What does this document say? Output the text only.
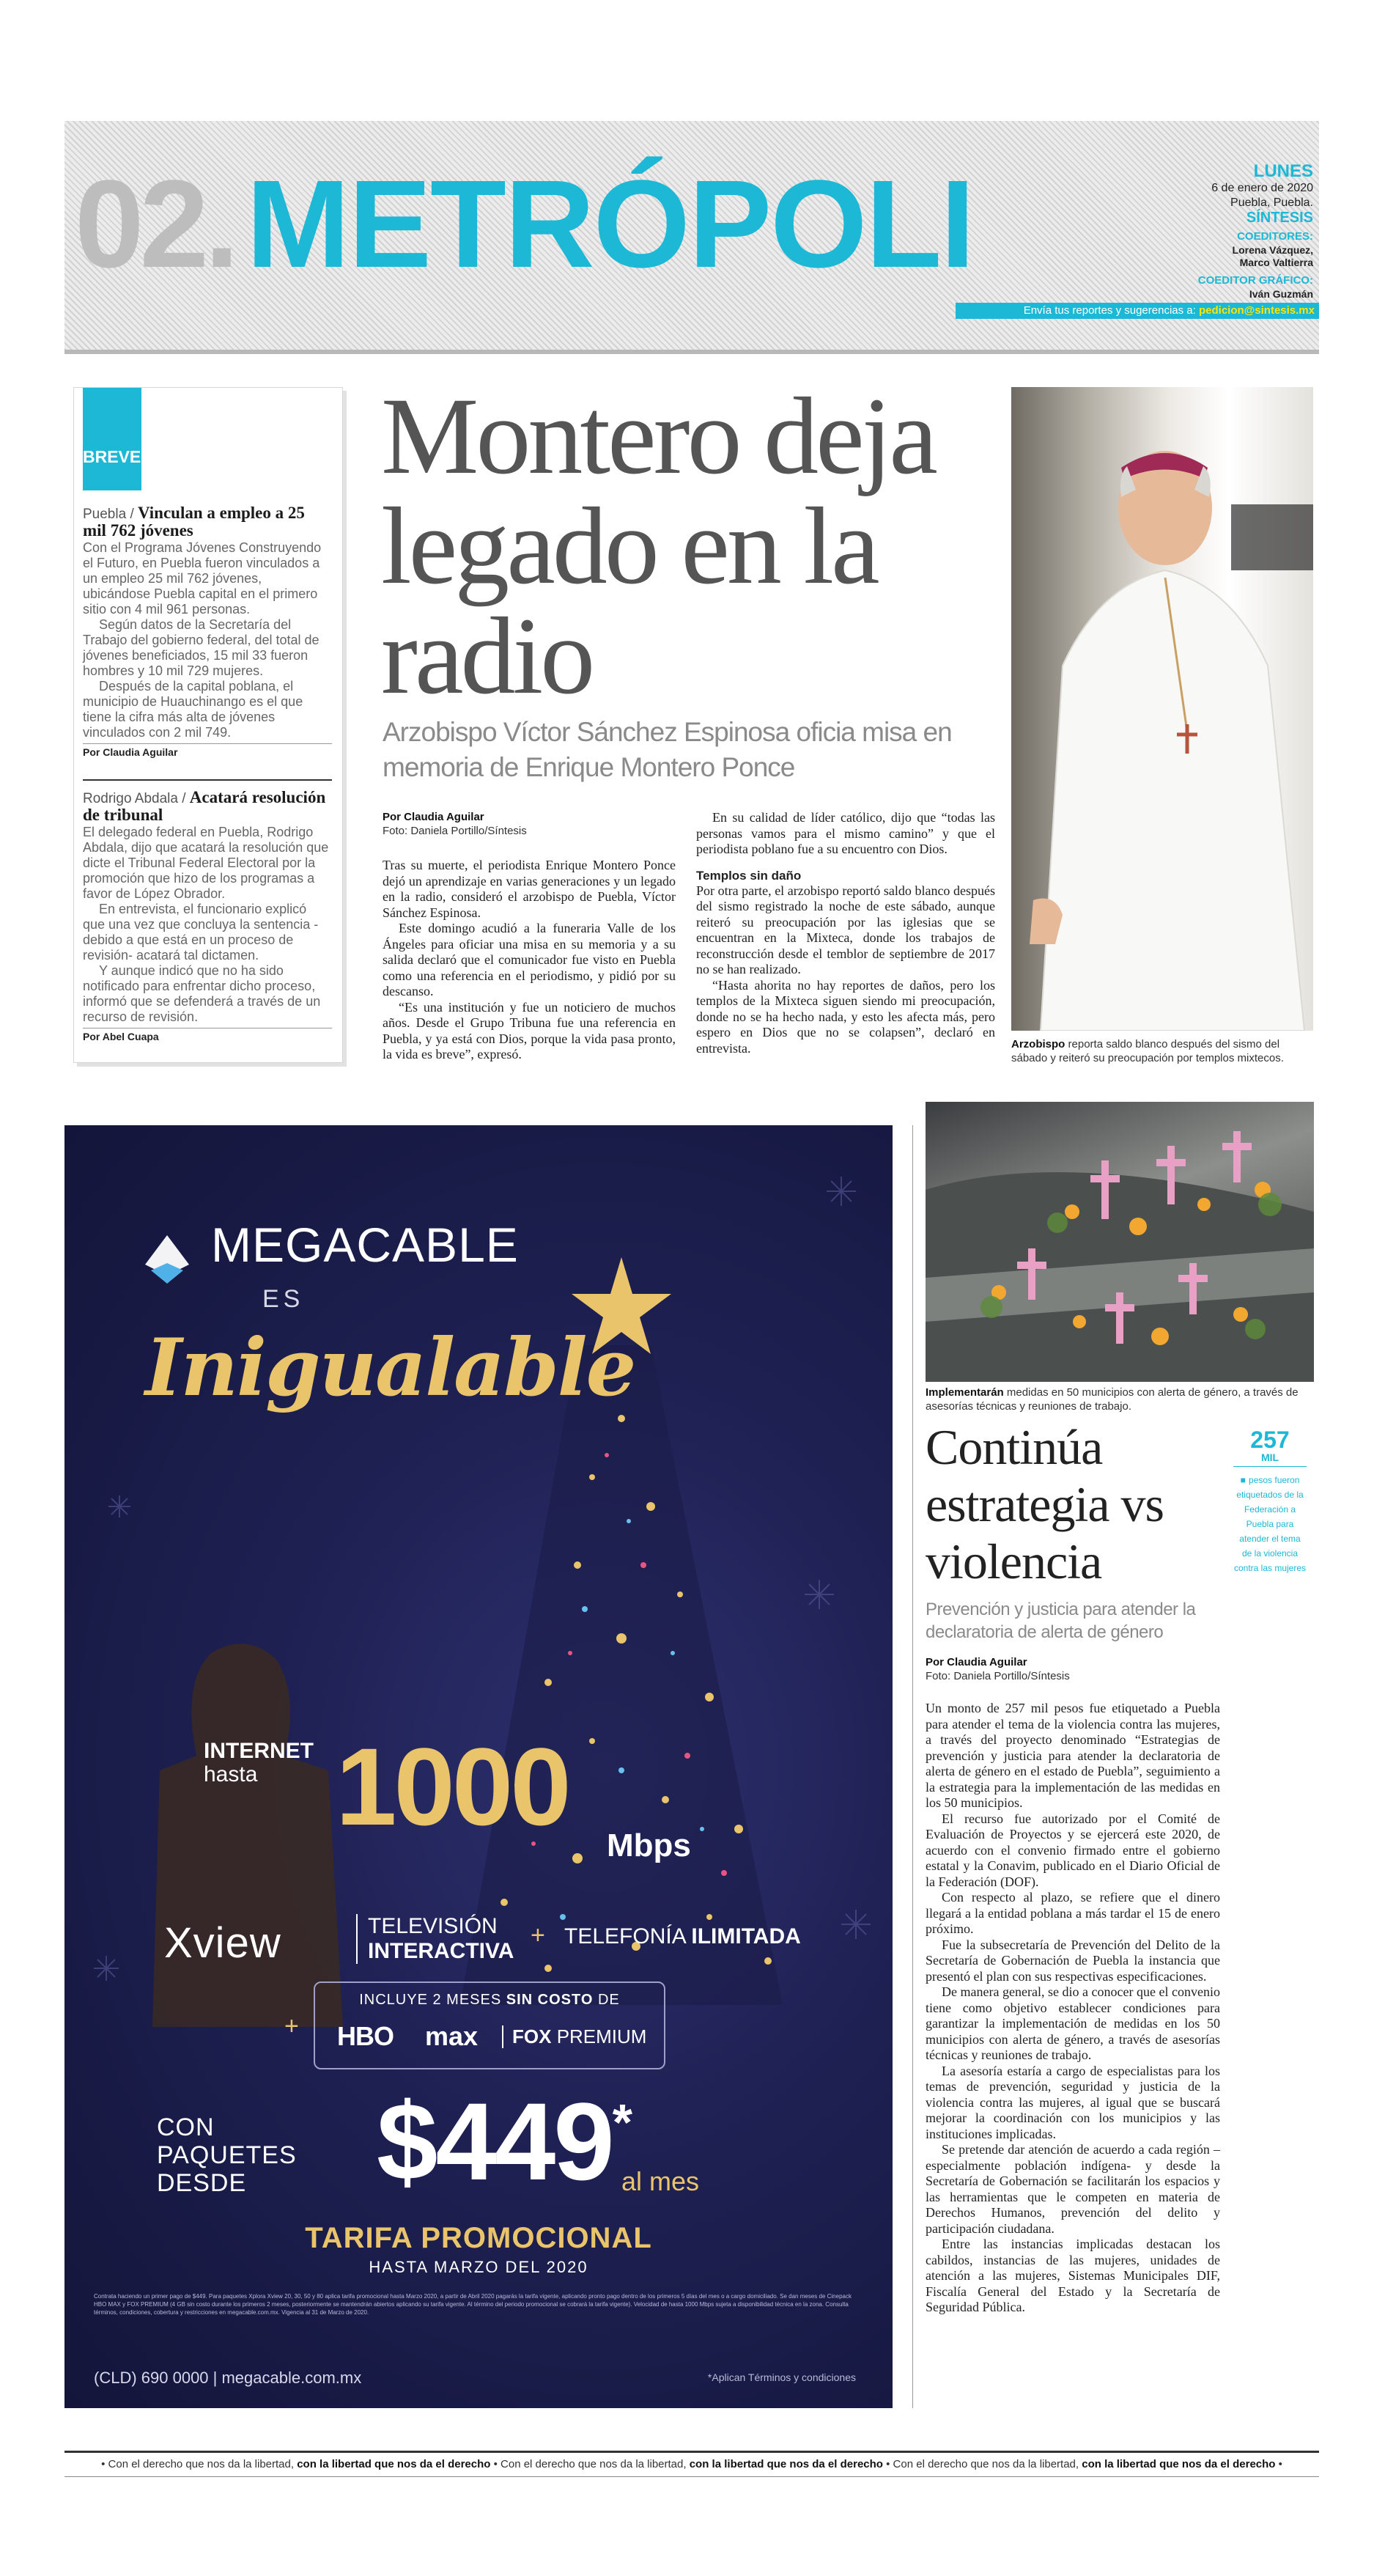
02. METRÓPOLI	LUNES
6 de enero de 2020
Puebla, Puebla.
SÍNTESIS
COEDITORES:
Lorena Vázquez,
Marco Valtierra
COEDITOR GRÁFICO:
Iván Guzmán
Envía tus reportes y sugerencias a: pedicion@sintesis.mx
BREVES
Puebla / Vinculan a empleo a 25 mil 762 jóvenes

Con el Programa Jóvenes Construyendo el Futuro, en Puebla fueron vinculados a un empleo 25 mil 762 jóvenes, ubicándose Puebla capital en el primero sitio con 4 mil 961 personas.

Según datos de la Secretaría del Trabajo del gobierno federal, del total de jóvenes beneficiados, 15 mil 33 fueron hombres y 10 mil 729 mujeres.

Después de la capital poblana, el municipio de Huauchinango es el que tiene la cifra más alta de jóvenes vinculados con 2 mil 749.

Por Claudia Aguilar
Rodrigo Abdala / Acatará resolución de tribunal

El delegado federal en Puebla, Rodrigo Abdala, dijo que acatará la resolución que dicte el Tribunal Federal Electoral por la promoción que hizo de los programas a favor de López Obrador.

En entrevista, el funcionario explicó que una vez que concluya la sentencia -debido a que está en un proceso de revisión- acatará tal dictamen.

Y aunque indicó que no ha sido notificado para enfrentar dicho proceso, informó que se defenderá a través de un recurso de revisión.

Por Abel Cuapa
Montero deja legado en la radio
Arzobispo Víctor Sánchez Espinosa oficia misa en memoria de Enrique Montero Ponce
Por Claudia Aguilar
Foto: Daniela Portillo/Síntesis

Tras su muerte, el periodista Enrique Montero Ponce dejó un aprendizaje en varias generaciones y un legado en la radio, consideró el arzobispo de Puebla, Víctor Sánchez Espinosa.

Este domingo acudió a la funeraria Valle de los Ángeles para oficiar una misa en su memoria y a su salida declaró que el comunicador fue visto en Puebla como una referencia en el periodismo, y pidió por su descanso.

“Es una institución y fue un noticiero de muchos años. Desde el Grupo Tribuna fue una referencia en Puebla, y ya está con Dios, porque la vida pasa pronto, la vida es breve”, expresó.

En su calidad de líder católico, dijo que “todas las personas vamos para el mismo camino” y que el periodista poblano fue a su encuentro con Dios.

Templos sin daño

Por otra parte, el arzobispo reportó saldo blanco después del sismo registrado la noche de este sábado, aunque reiteró su preocupación por las iglesias que se encuentran en la Mixteca, donde los trabajos de reconstrucción desde el temblor de septiembre de 2017 no se han realizado.

“Hasta ahorita no hay reportes de daños, pero los templos de la Mixteca siguen siendo mi preocupación, donde no se ha hecho nada, y esto les afecta más, pero espero en Dios que no se colapsen”, declaró en entrevista.	Arzobispo reporta saldo blanco después del sismo del sábado y reiteró su preocupación por templos mixtecos.
MEGACABLE
ES
Inigualable
INTERNET
hasta 1000 Mbps
Xview	TELEVISIÓN
INTERACTIVA
+ TELEFONÍA ILIMITADA
+
INCLUYE 2 MESES SIN COSTO DE
HBO max	FOX PREMIUM
CON
PAQUETES
DESDE	$449*
al mes
TARIFA PROMOCIONAL
HASTA MARZO DEL 2020
Contrata haciendo un primer pago de $449. Para paquetes Xplora Xview 20, 30, 50 y 80 aplica tarifa promocional hasta Marzo 2020, a partir de Abril 2020 pagarás la tarifa vigente, aplicando pronto pago dentro de los primeros 5 días del mes o a cargo domiciliado. Se dan meses de Cinepack HBO MAX y FOX PREMIUM (4 GB sin costo durante los primeros 2 meses, posteriormente se mantendrán abiertos aplicando su tarifa vigente. Al término del periodo promocional se cobrará la tarifa vigente). Velocidad de hasta 1000 Mbps sujeta a disponibilidad técnica en la zona. Consulta términos, condiciones, cobertura y restricciones en megacable.com.mx. Vigencia al 31 de Marzo de 2020.
(CLD) 690 0000 | megacable.com.mx	*Aplican Términos y condiciones
Implementarán medidas en 50 municipios con alerta de género, a través de asesorías técnicas y reuniones de trabajo.
257
MIL
■ pesos fueron etiquetados de la Federación a Puebla para atender el tema de la violencia contra las mujeres
Continúa estrategia vs violencia
Prevención y justicia para atender la declaratoria de alerta de género
Por Claudia Aguilar
Foto: Daniela Portillo/Síntesis

Un monto de 257 mil pesos fue etiquetado a Puebla para atender el tema de la violencia contra las mujeres, a través del proyecto denominado “Estrategias de prevención y justicia para atender la declaratoria de alerta de género en el estado de Puebla”, seguimiento a la estrategia para la implementación de las medidas en los 50 municipios.

El recurso fue autorizado por el Comité de Evaluación de Proyectos y se ejercerá este 2020, de acuerdo con el convenio firmado entre el gobierno estatal y la Conavim, publicado en el Diario Oficial de la Federación (DOF).

Con respecto al plazo, se refiere que el dinero llegará a la entidad poblana a más tardar el 15 de enero próximo.

Fue la subsecretaría de Prevención del Delito de la Secretaría de Gobernación de Puebla la instancia que presentó el plan con sus respectivas especificaciones.

De manera general, se dio a conocer que el convenio tiene como objetivo establecer condiciones para garantizar la implementación de medidas en los 50 municipios con alerta de género, a través de asesorías técnicas y reuniones de trabajo.

La asesoría estaría a cargo de especialistas para los temas de prevención, seguridad y justicia de la violencia contra las mujeres, al igual que se buscará mejorar la coordinación con los municipios y las instituciones implicadas.

Se pretende dar atención de acuerdo a cada región –especialmente población indígena- y desde la Secretaría de Gobernación se facilitarán los espacios y las herramientas que le competen en materia de Derechos Humanos, prevención del delito y participación ciudadana.

Entre las instancias implicadas destacan los cabildos, instancias de las mujeres, unidades de atención a las mujeres, Sistemas Municipales DIF, Fiscalía General del Estado y la Secretaría de Seguridad Pública.

• Con el derecho que nos da la libertad, con la libertad que nos da el derecho • Con el derecho que nos da la libertad, con la libertad que nos da el derecho • Con el derecho que nos da la libertad, con la libertad que nos da el derecho •
